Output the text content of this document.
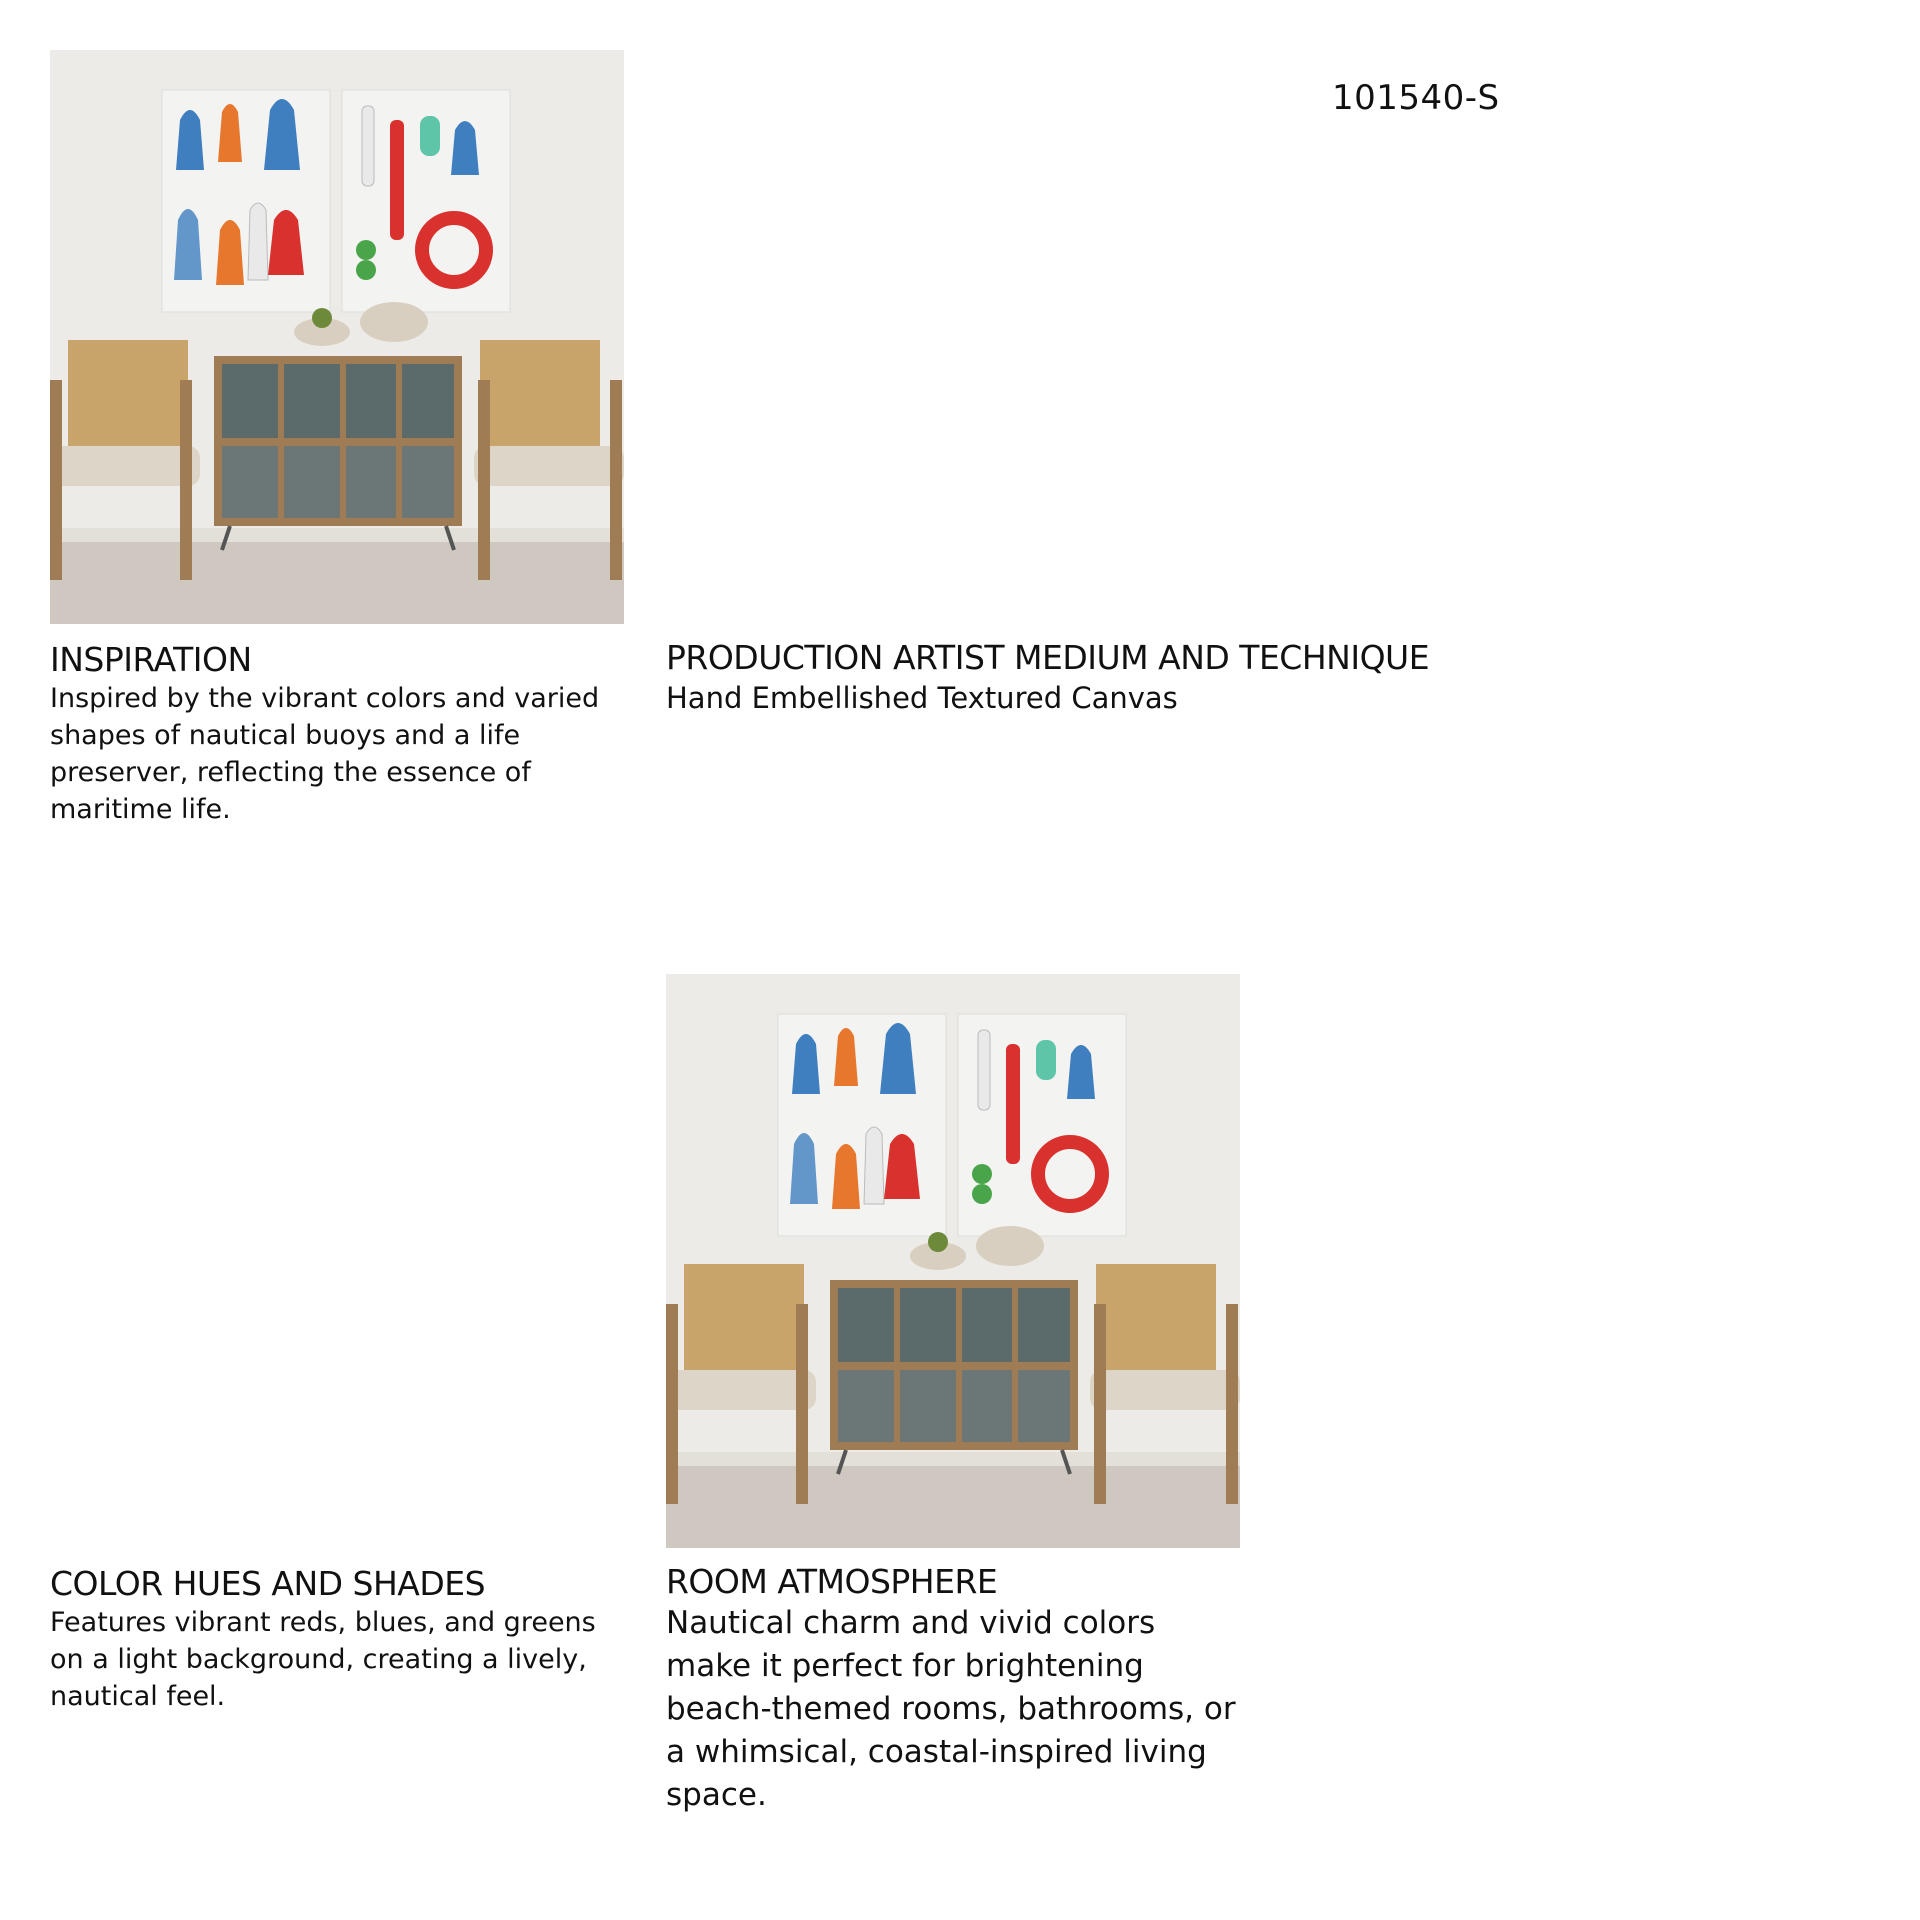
101540-S
INSPIRATION

Inspired by the vibrant colors and varied shapes of nautical buoys and a life preserver, reflecting the essence of maritime life.

PRODUCTION ARTIST MEDIUM AND TECHNIQUE

Hand Embellished Textured Canvas

COLOR HUES AND SHADES

Features vibrant reds, blues, and greens on a light background, creating a lively, nautical feel.

ROOM ATMOSPHERE

Nautical charm and vivid colors make it perfect for brightening beach-themed rooms, bathrooms, or a whimsical, coastal-inspired living space.
